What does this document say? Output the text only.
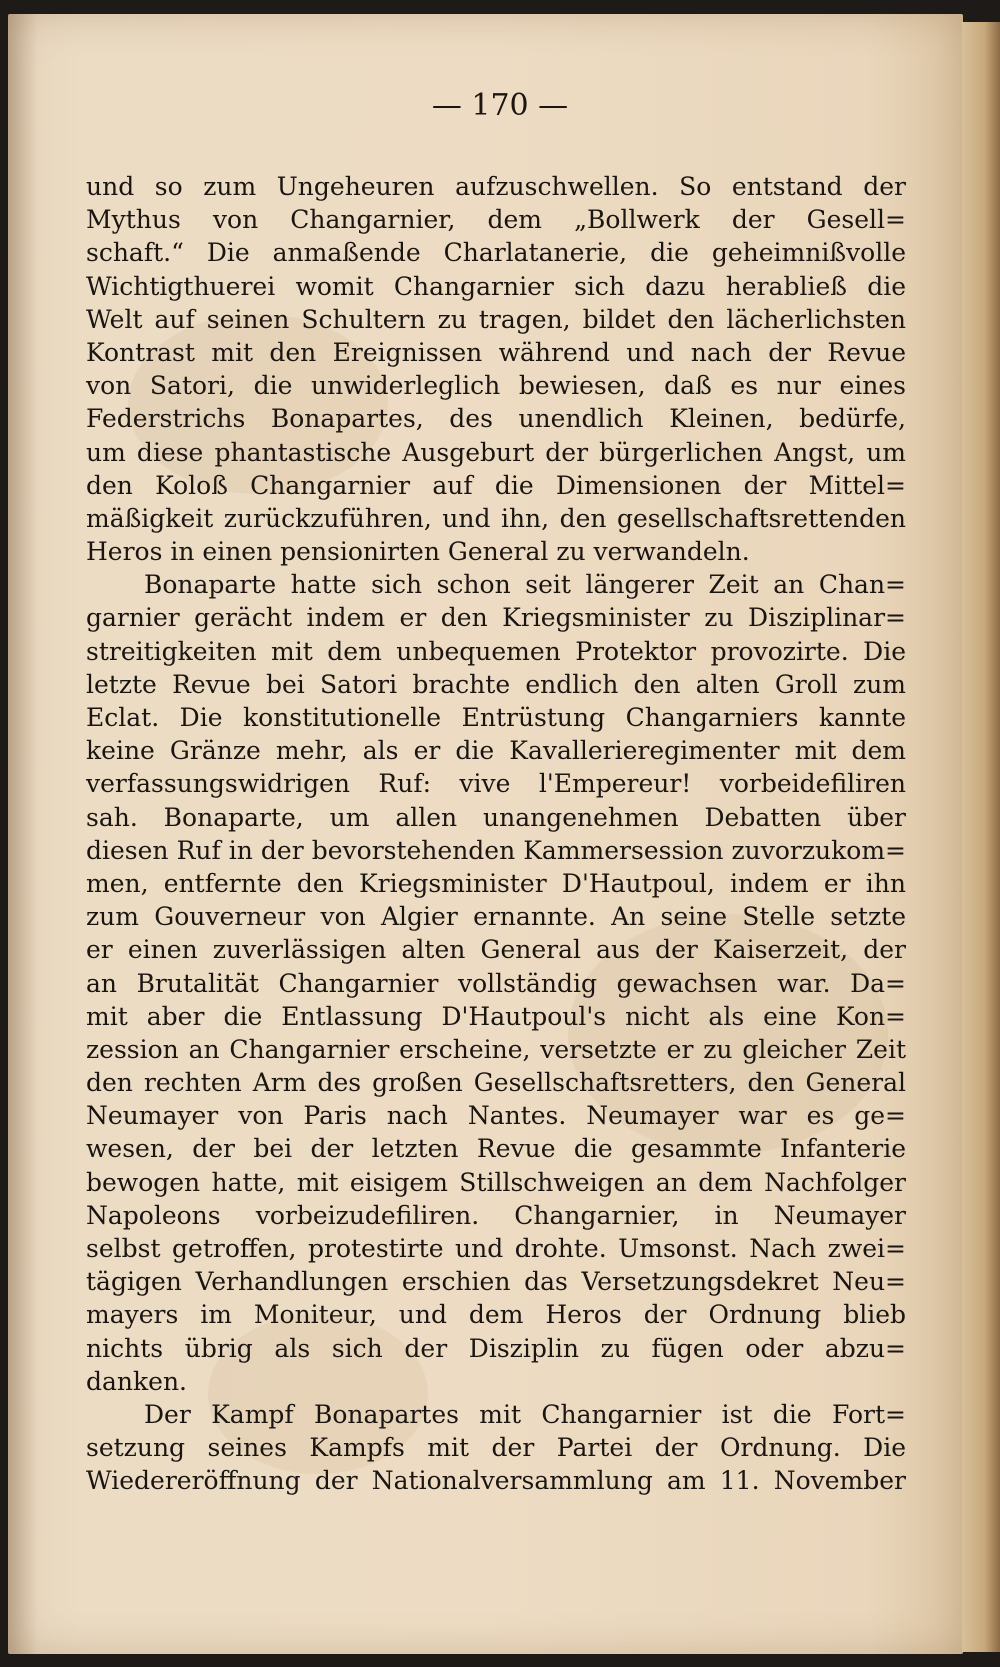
— 170 —
und so zum Ungeheuren aufzuschwellen. So entstand der
Mythus von Changarnier, dem „Bollwerk der Gesell=
schaft.“ Die anmaßende Charlatanerie, die geheimnißvolle
Wichtigthuerei womit Changarnier sich dazu herabließ die
Welt auf seinen Schultern zu tragen, bildet den lächerlichsten
Kontrast mit den Ereignissen während und nach der Revue
von Satori, die unwiderleglich bewiesen, daß es nur eines
Federstrichs Bonapartes, des unendlich Kleinen, bedürfe,
um diese phantastische Ausgeburt der bürgerlichen Angst, um
den Koloß Changarnier auf die Dimensionen der Mittel=
mäßigkeit zurückzuführen, und ihn, den gesellschaftsrettenden
Heros in einen pensionirten General zu verwandeln.
Bonaparte hatte sich schon seit längerer Zeit an Chan=
garnier gerächt indem er den Kriegsminister zu Disziplinar=
streitigkeiten mit dem unbequemen Protektor provozirte. Die
letzte Revue bei Satori brachte endlich den alten Groll zum
Eclat. Die konstitutionelle Entrüstung Changarniers kannte
keine Gränze mehr, als er die Kavallerieregimenter mit dem
verfassungswidrigen Ruf: vive l'Empereur! vorbeidefiliren
sah. Bonaparte, um allen unangenehmen Debatten über
diesen Ruf in der bevorstehenden Kammersession zuvorzukom=
men, entfernte den Kriegsminister D'Hautpoul, indem er ihn
zum Gouverneur von Algier ernannte. An seine Stelle setzte
er einen zuverlässigen alten General aus der Kaiserzeit, der
an Brutalität Changarnier vollständig gewachsen war. Da=
mit aber die Entlassung D'Hautpoul's nicht als eine Kon=
zession an Changarnier erscheine, versetzte er zu gleicher Zeit
den rechten Arm des großen Gesellschaftsretters, den General
Neumayer von Paris nach Nantes. Neumayer war es ge=
wesen, der bei der letzten Revue die gesammte Infanterie
bewogen hatte, mit eisigem Stillschweigen an dem Nachfolger
Napoleons vorbeizudefiliren. Changarnier, in Neumayer
selbst getroffen, protestirte und drohte. Umsonst. Nach zwei=
tägigen Verhandlungen erschien das Versetzungsdekret Neu=
mayers im Moniteur, und dem Heros der Ordnung blieb
nichts übrig als sich der Disziplin zu fügen oder abzu=
danken.
Der Kampf Bonapartes mit Changarnier ist die Fort=
setzung seines Kampfs mit der Partei der Ordnung. Die
Wiedereröffnung der Nationalversammlung am 11. November
